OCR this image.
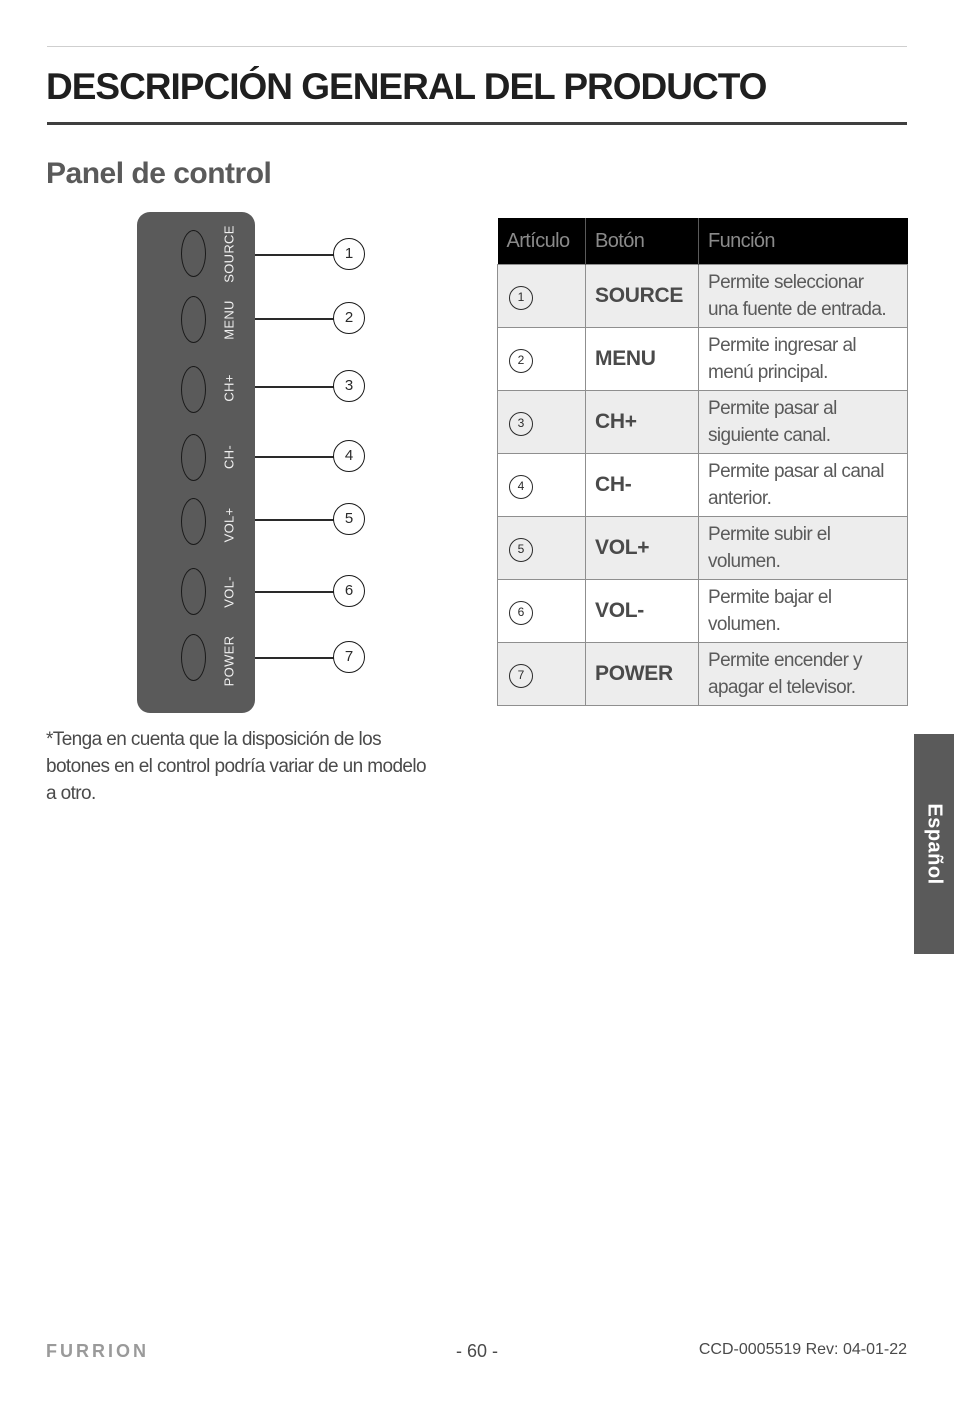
DESCRIPCIÓN GENERAL DEL PRODUCTO
Panel de control
SOURCE
MENU
CH+
CH-
VOL+
VOL-
POWER
1
2
3
4
5
6
7

*Tenga en cuenta que la disposición de los botones en el control podría variar de un modelo a otro.

Artículo	Botón	Función
1	SOURCE	Permite seleccionar una fuente de entrada.
2	MENU	Permite ingresar al menú principal.
3	CH+	Permite pasar al siguiente canal.
4	CH-	Permite pasar al canal anterior.
5	VOL+	Permite subir el volumen.
6	VOL-	Permite bajar el volumen.
7	POWER	Permite encender y apagar el televisor.
Español
FURRION	- 60 -	CCD-0005519 Rev: 04-01-22
